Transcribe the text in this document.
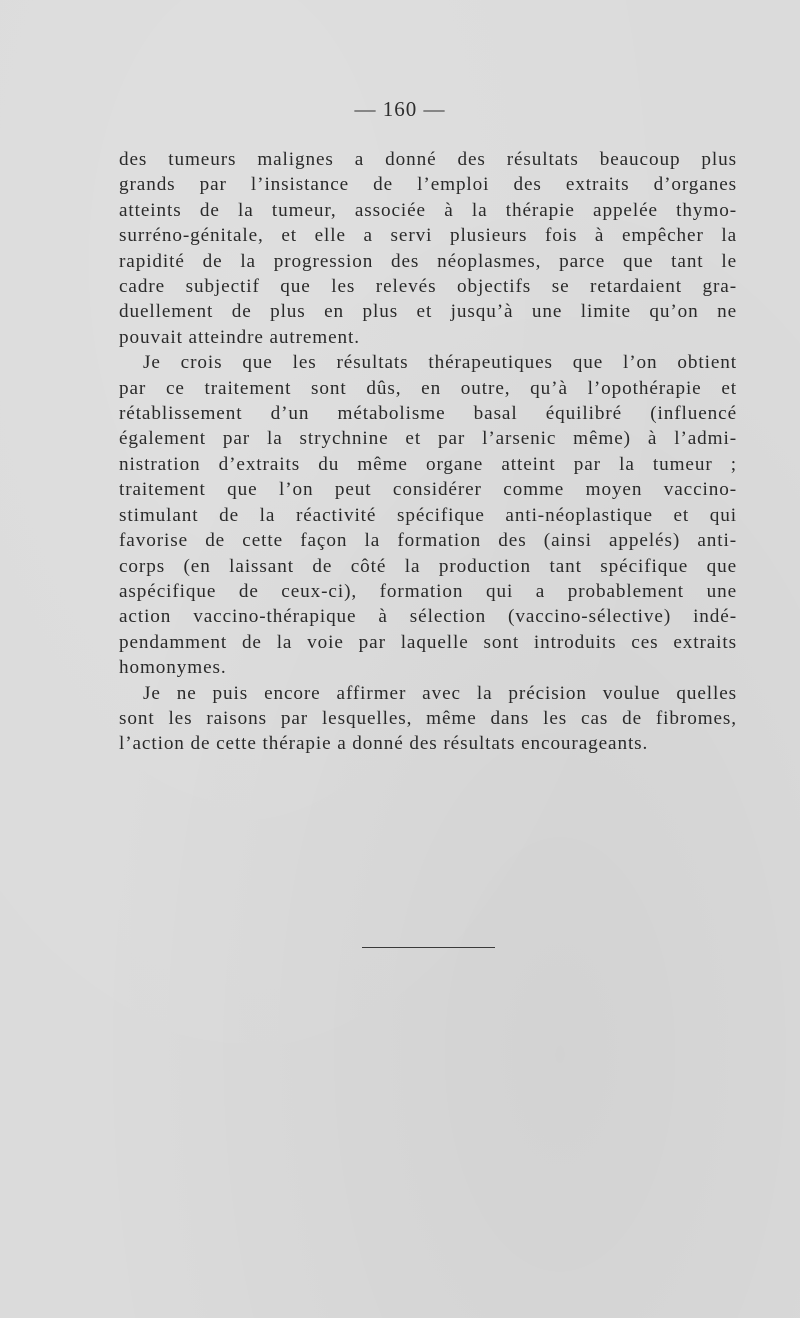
— 160 —
des tumeurs malignes a donné des résultats beaucoup plus
grands par l’insistance de l’emploi des extraits d’organes
atteints de la tumeur, associée à la thérapie appelée thymo-
surréno-génitale, et elle a servi plusieurs fois à empêcher la
rapidité de la progression des néoplasmes, parce que tant le
cadre subjectif que les relevés objectifs se retardaient gra-
duellement de plus en plus et jusqu’à une limite qu’on ne
pouvait atteindre autrement.
Je crois que les résultats thérapeutiques que l’on obtient
par ce traitement sont dûs, en outre, qu’à l’opothérapie et
rétablissement d’un métabolisme basal équilibré (influencé
également par la strychnine et par l’arsenic même) à l’admi-
nistration d’extraits du même organe atteint par la tumeur ;
traitement que l’on peut considérer comme moyen vaccino-
stimulant de la réactivité spécifique anti-néoplastique et qui
favorise de cette façon la formation des (ainsi appelés) anti-
corps (en laissant de côté la production tant spécifique que
aspécifique de ceux-ci), formation qui a probablement une
action vaccino-thérapique à sélection (vaccino-sélective) indé-
pendamment de la voie par laquelle sont introduits ces extraits
homonymes.
Je ne puis encore affirmer avec la précision voulue quelles
sont les raisons par lesquelles, même dans les cas de fibromes,
l’action de cette thérapie a donné des résultats encourageants.
